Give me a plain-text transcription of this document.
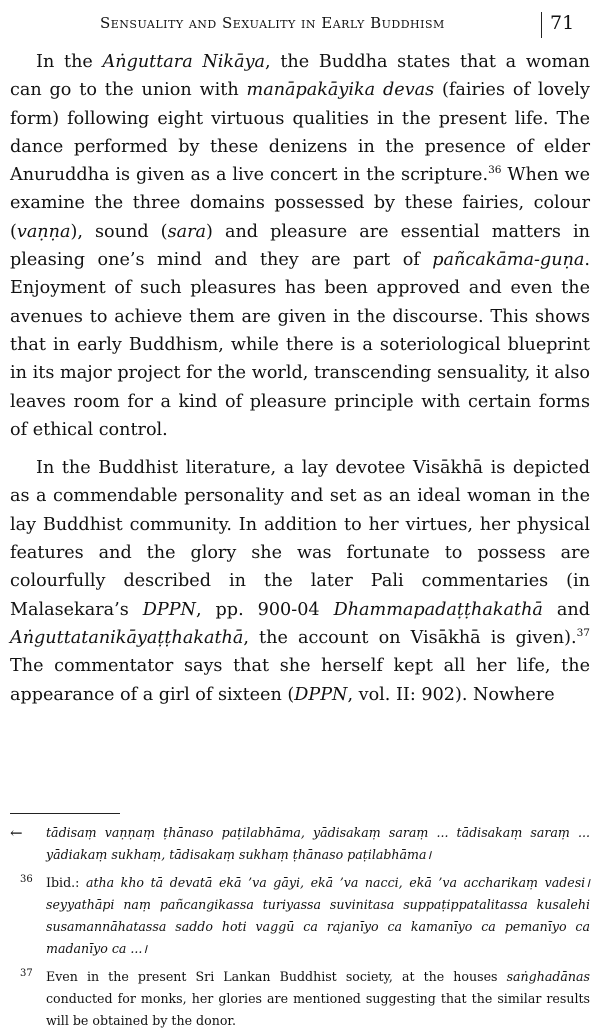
Sensuality and Sexuality in Early Buddhism	71

In the Aṅguttara Nikāya, the Buddha states that a woman can go to the union with manāpakāyika devas (fairies of lovely form) following eight virtuous qualities in the present life. The dance performed by these denizens in the presence of elder Anuruddha is given as a live concert in the scripture.$^{36}$ When we examine the three domains possessed by these fairies, colour (vaṇṇa), sound (sara) and pleasure are essential matters in pleasing one’s mind and they are part of pañcakāma-guṇa. Enjoyment of such pleasures has been approved and even the avenues to achieve them are given in the discourse. This shows that in early Buddhism, while there is a soteriological blueprint in its major project for the world, transcending sensuality, it also leaves room for a kind of pleasure principle with certain forms of ethical control.

In the Buddhist literature, a lay devotee Visākhā is depicted as a commendable personality and set as an ideal woman in the lay Buddhist community. In addition to her virtues, her physical features and the glory she was fortunate to possess are colourfully described in the later Pali commentaries (in Malasekara’s DPPN, pp. 900-04 Dhammapadaṭṭhakathā and Aṅguttatanikāyaṭṭhakathā, the account on Visākhā is given).$^{37}$ The commentator says that she herself kept all her life, the appearance of a girl of sixteen (DPPN, vol. II: 902). Nowhere

← tādisaṃ vaṇṇaṃ ṭhānaso paṭilabhāma, yādisakaṃ saraṃ ... tādisakaṃ saraṃ ... yādiakaṃ sukhaṃ, tādisakaṃ sukhaṃ ṭhānaso paṭilabhāma।
36 Ibid.: atha kho tā devatā ekā ’va gāyi, ekā ’va nacci, ekā ’va accharikaṃ vadesi। seyyathāpi naṃ pañcangikassa turiyassa suvinitasa suppaṭippatalitassa kusalehi susamannāhatassa saddo hoti vaggū ca rajanīyo ca kamanīyo ca pemanīyo ca madanīyo ca ...।
37 Even in the present Sri Lankan Buddhist society, at the houses saṅghadānas conducted for monks, her glories are mentioned suggesting that the similar results will be obtained by the donor.
